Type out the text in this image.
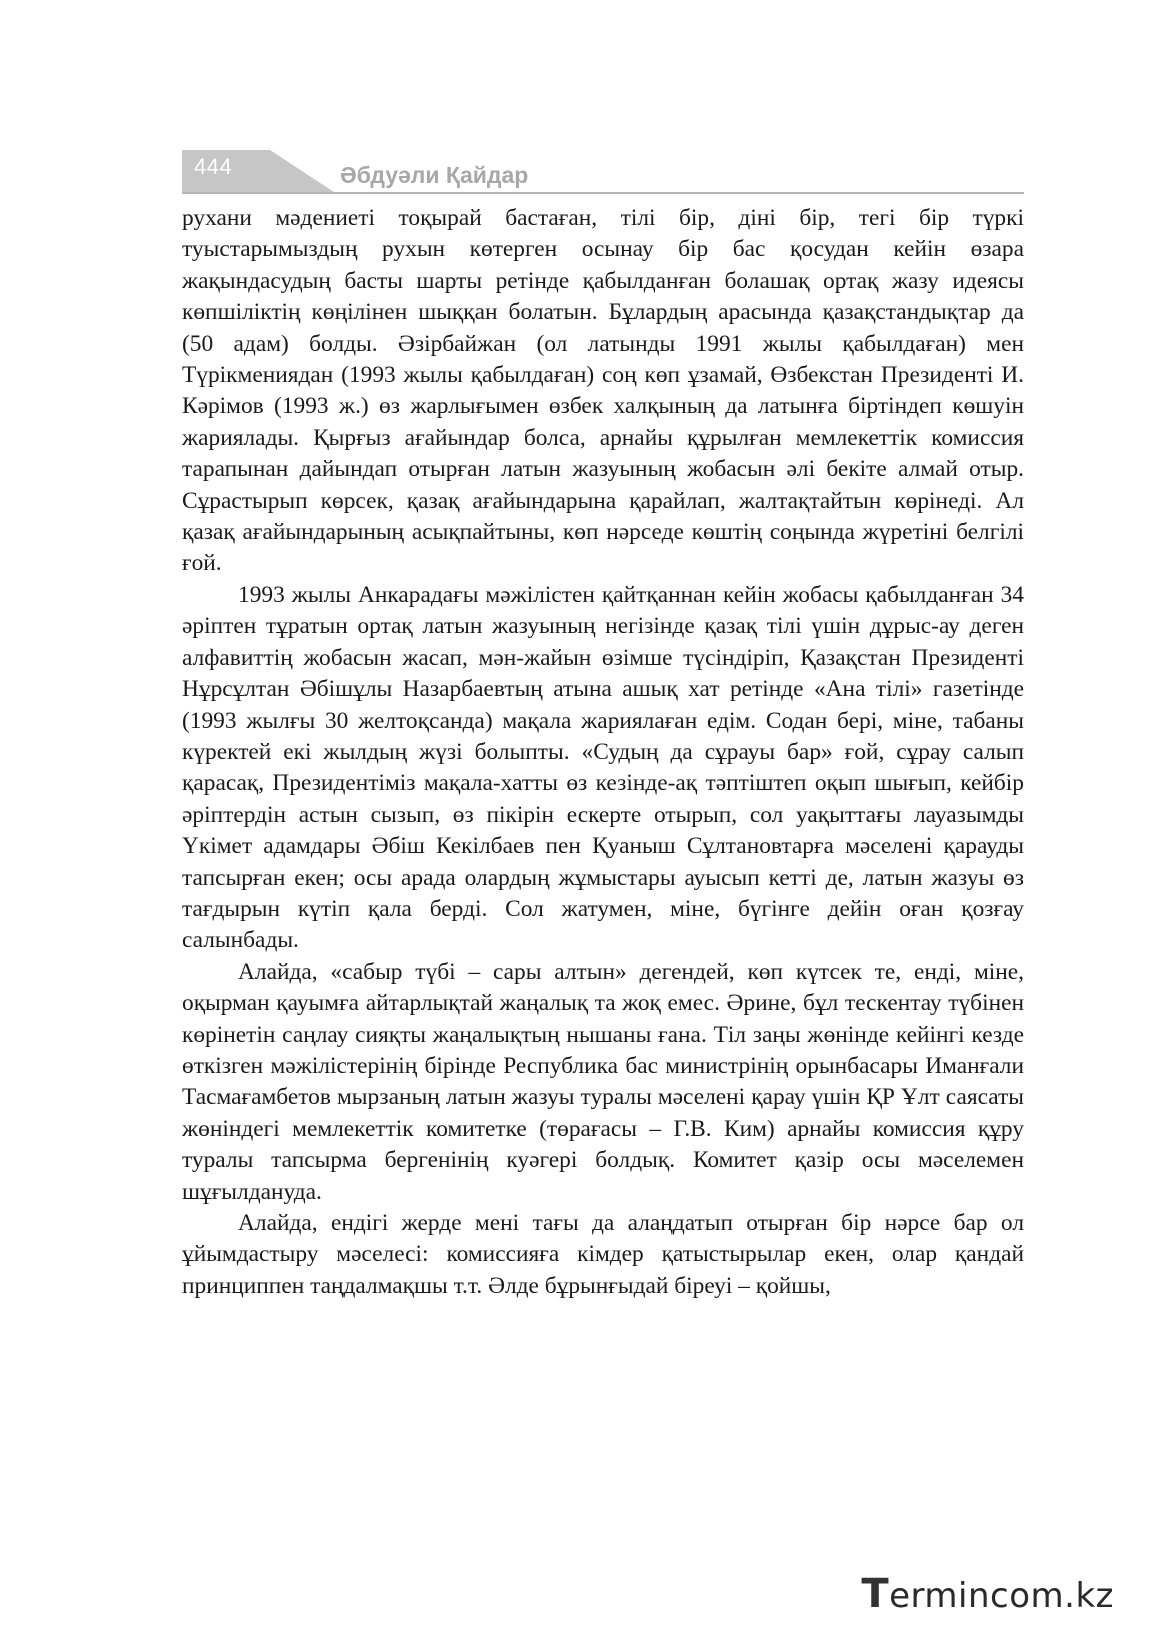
444	Әбдуәли Қайдар

рухани мәдениеті тоқырай бастаған, тілі бір, діні бір, тегі бір түркі туыстарымыздың рухын көтерген осынау бір бас қосудан кейін өзара жақындасудың басты шарты ретінде қабылданған болашақ ортақ жазу идеясы көпшіліктің көңілінен шыққан болатын. Бұлардың арасында қазақстандықтар да (50 адам) болды. Әзірбайжан (ол латынды 1991 жылы қабылдаған) мен Түрікмениядан (1993 жылы қабылдаған) соң көп ұзамай, Өзбекстан Президенті И. Кәрімов (1993 ж.) өз жарлығымен өзбек халқының да латынға біртіндеп көшуін жариялады. Қырғыз ағайындар болса, арнайы құрылған мемлекеттік комиссия тарапынан дайындап отырған латын жазуының жобасын әлі бекіте алмай отыр. Сұрастырып көрсек, қазақ ағайындарына қарайлап, жалтақтайтын көрінеді. Ал қазақ ағайындарының асықпайтыны, көп нәрседе көштің соңында жүретіні белгілі ғой.

1993 жылы Анкарадағы мәжілістен қайтқаннан кейін жобасы қабылданған 34 әріптен тұратын ортақ латын жазуының негізінде қазақ тілі үшін дұрыс-ау деген алфавиттің жобасын жасап, мән-жайын өзімше түсіндіріп, Қазақстан Президенті Нұрсұлтан Әбішұлы Назарбаевтың атына ашық хат ретінде «Ана тілі» газетінде (1993 жылғы 30 желтоқсанда) мақала жариялаған едім. Содан бері, міне, табаны күректей екі жылдың жүзі болыпты. «Судың да сұрауы бар» ғой, сұрау салып қарасақ, Президентіміз мақала-хатты өз кезінде-ақ тәптіштеп оқып шығып, кейбір әріптердін астын сызып, өз пікірін ескерте отырып, сол уақыттағы лауазымды Үкімет адамдары Әбіш Кекілбаев пен Қуаныш Сұлтановтарға мәселені қарауды тапсырған екен; осы арада олардың жұмыстары ауысып кетті де, латын жазуы өз тағдырын күтіп қала берді. Сол жатумен, міне, бүгінге дейін оған қозғау салынбады.

Алайда, «сабыр түбі – сары алтын» дегендей, көп күтсек те, енді, міне, оқырман қауымға айтарлықтай жаңалық та жоқ емес. Әрине, бұл тескентау түбінен көрінетін саңлау сияқты жаңалықтың нышаны ғана. Тіл заңы жөнінде кейінгі кезде өткізген мәжілістерінің бірінде Республика бас министрінің орынбасары Иманғали Тасмағамбетов мырзаның латын жазуы туралы мәселені қарау үшін ҚР Ұлт саясаты жөніндегі мемлекеттік комитетке (төрағасы – Г.В. Ким) арнайы комиссия құру туралы тапсырма бергенінің куәгері болдық. Комитет қазір осы мәселемен шұғылдануда.

Алайда, ендігі жерде мені тағы да алаңдатып отырған бір нәрсе бар ол ұйымдастыру мәселесі: комиссияға кімдер қатыстырылар екен, олар қандай принциппен таңдалмақшы т.т. Әлде бұрынғыдай біреуі – қойшы,

Termincom.kz
